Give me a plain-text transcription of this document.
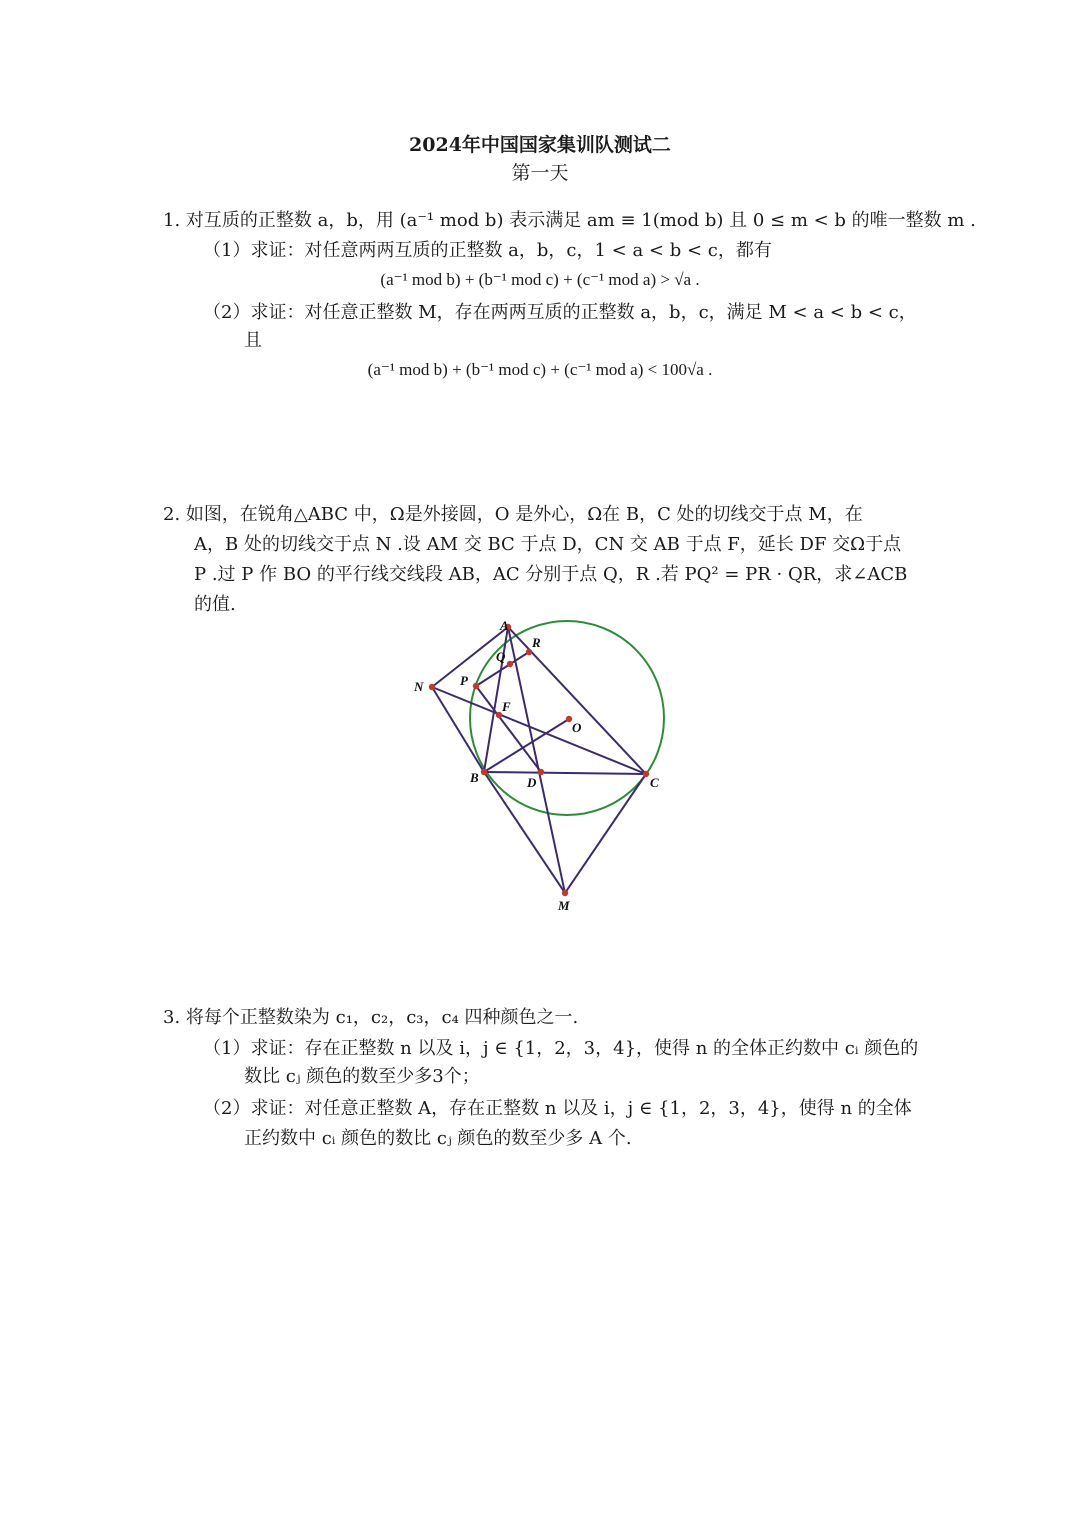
2024年中国国家集训队测试二
第一天
1. 对互质的正整数 a，b，用 (a⁻¹ mod b) 表示满足 am ≡ 1(mod b) 且 0 ≤ m < b 的唯一整数 m .
（1）求证：对任意两两互质的正整数 a，b，c，1 < a < b < c，都有
(a⁻¹ mod b) + (b⁻¹ mod c) + (c⁻¹ mod a) > √a .
（2）求证：对任意正整数 M，存在两两互质的正整数 a，b，c，满足 M < a < b < c，
且
(a⁻¹ mod b) + (b⁻¹ mod c) + (c⁻¹ mod a) < 100√a .
2. 如图，在锐角△ABC 中，Ω是外接圆，O 是外心，Ω在 B，C 处的切线交于点 M，在
A，B 处的切线交于点 N .设 AM 交 BC 于点 D，CN 交 AB 于点 F，延长 DF 交Ω于点
P .过 P 作 BO 的平行线交线段 AB，AC 分别于点 Q，R .若 PQ² = PR · QR，求∠ACB
的值.
A
R
Q
P
N
F
O
B	D	C
M
3. 将每个正整数染为 c₁，c₂，c₃，c₄ 四种颜色之一.
（1）求证：存在正整数 n 以及 i，j ∈ {1，2，3，4}，使得 n 的全体正约数中 cᵢ 颜色的
数比 cⱼ 颜色的数至少多3个；
（2）求证：对任意正整数 A，存在正整数 n 以及 i，j ∈ {1，2，3，4}，使得 n 的全体
正约数中 cᵢ 颜色的数比 cⱼ 颜色的数至少多 A 个.
